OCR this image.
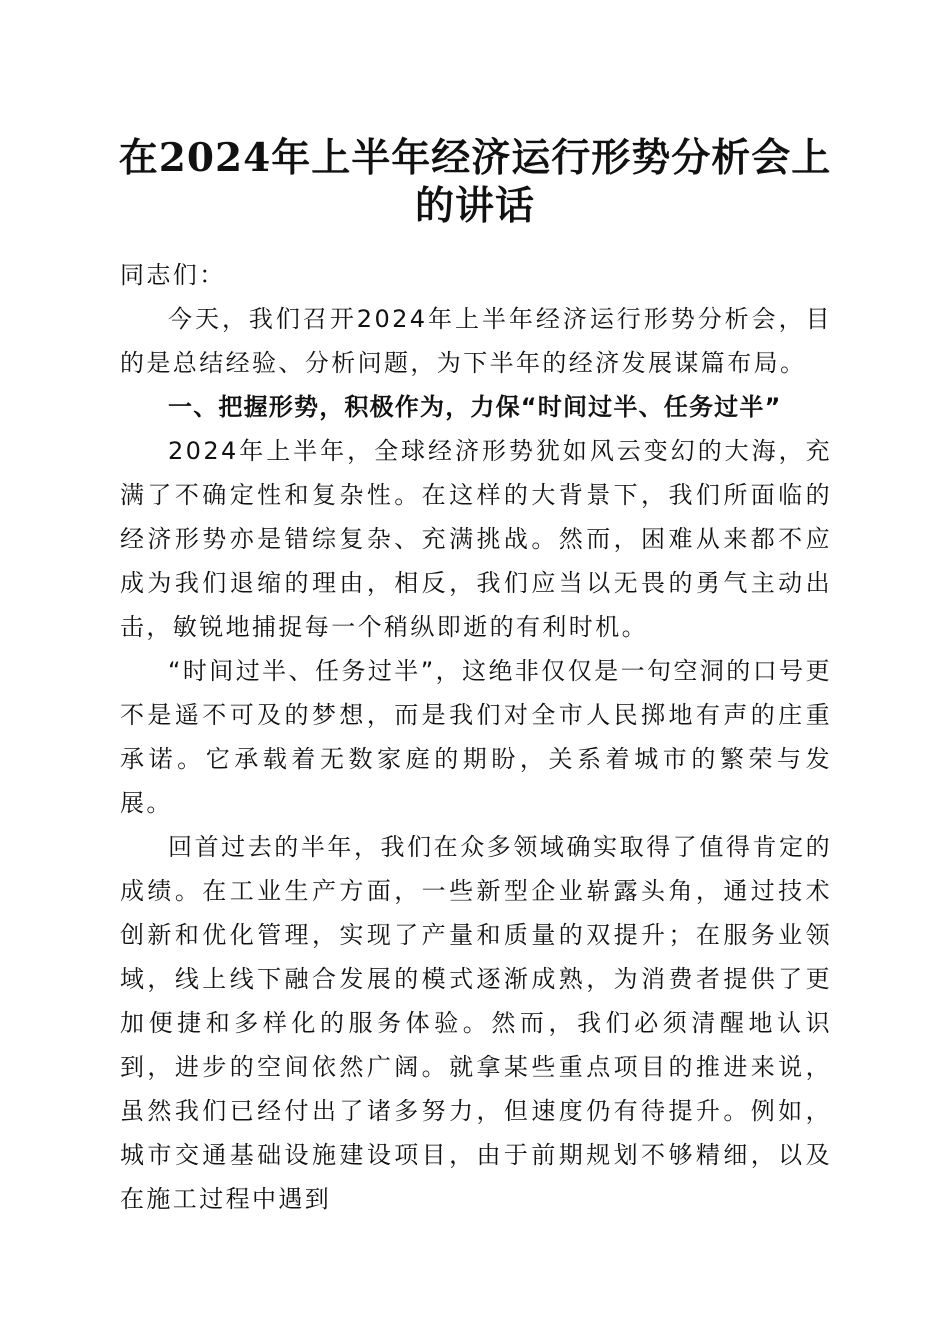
在2024年上半年经济运行形势分析会上的讲话

同志们：

今天，我们召开2024年上半年经济运行形势分析会，目的是总结经验、分析问题，为下半年的经济发展谋篇布局。

一、把握形势，积极作为，力保“时间过半、任务过半”

2024年上半年，全球经济形势犹如风云变幻的大海，充满了不确定性和复杂性。在这样的大背景下，我们所面临的经济形势亦是错综复杂、充满挑战。然而，困难从来都不应成为我们退缩的理由，相反，我们应当以无畏的勇气主动出击，敏锐地捕捉每一个稍纵即逝的有利时机。

“时间过半、任务过半”，这绝非仅仅是一句空洞的口号更不是遥不可及的梦想，而是我们对全市人民掷地有声的庄重承诺。它承载着无数家庭的期盼，关系着城市的繁荣与发展。

回首过去的半年，我们在众多领域确实取得了值得肯定的成绩。在工业生产方面，一些新型企业崭露头角，通过技术创新和优化管理，实现了产量和质量的双提升；在服务业领域，线上线下融合发展的模式逐渐成熟，为消费者提供了更加便捷和多样化的服务体验。然而，我们必须清醒地认识到，进步的空间依然广阔。就拿某些重点项目的推进来说，虽然我们已经付出了诸多努力，但速度仍有待提升。例如，城市交通基础设施建设项目，由于前期规划不够精细，以及在施工过程中遇到
